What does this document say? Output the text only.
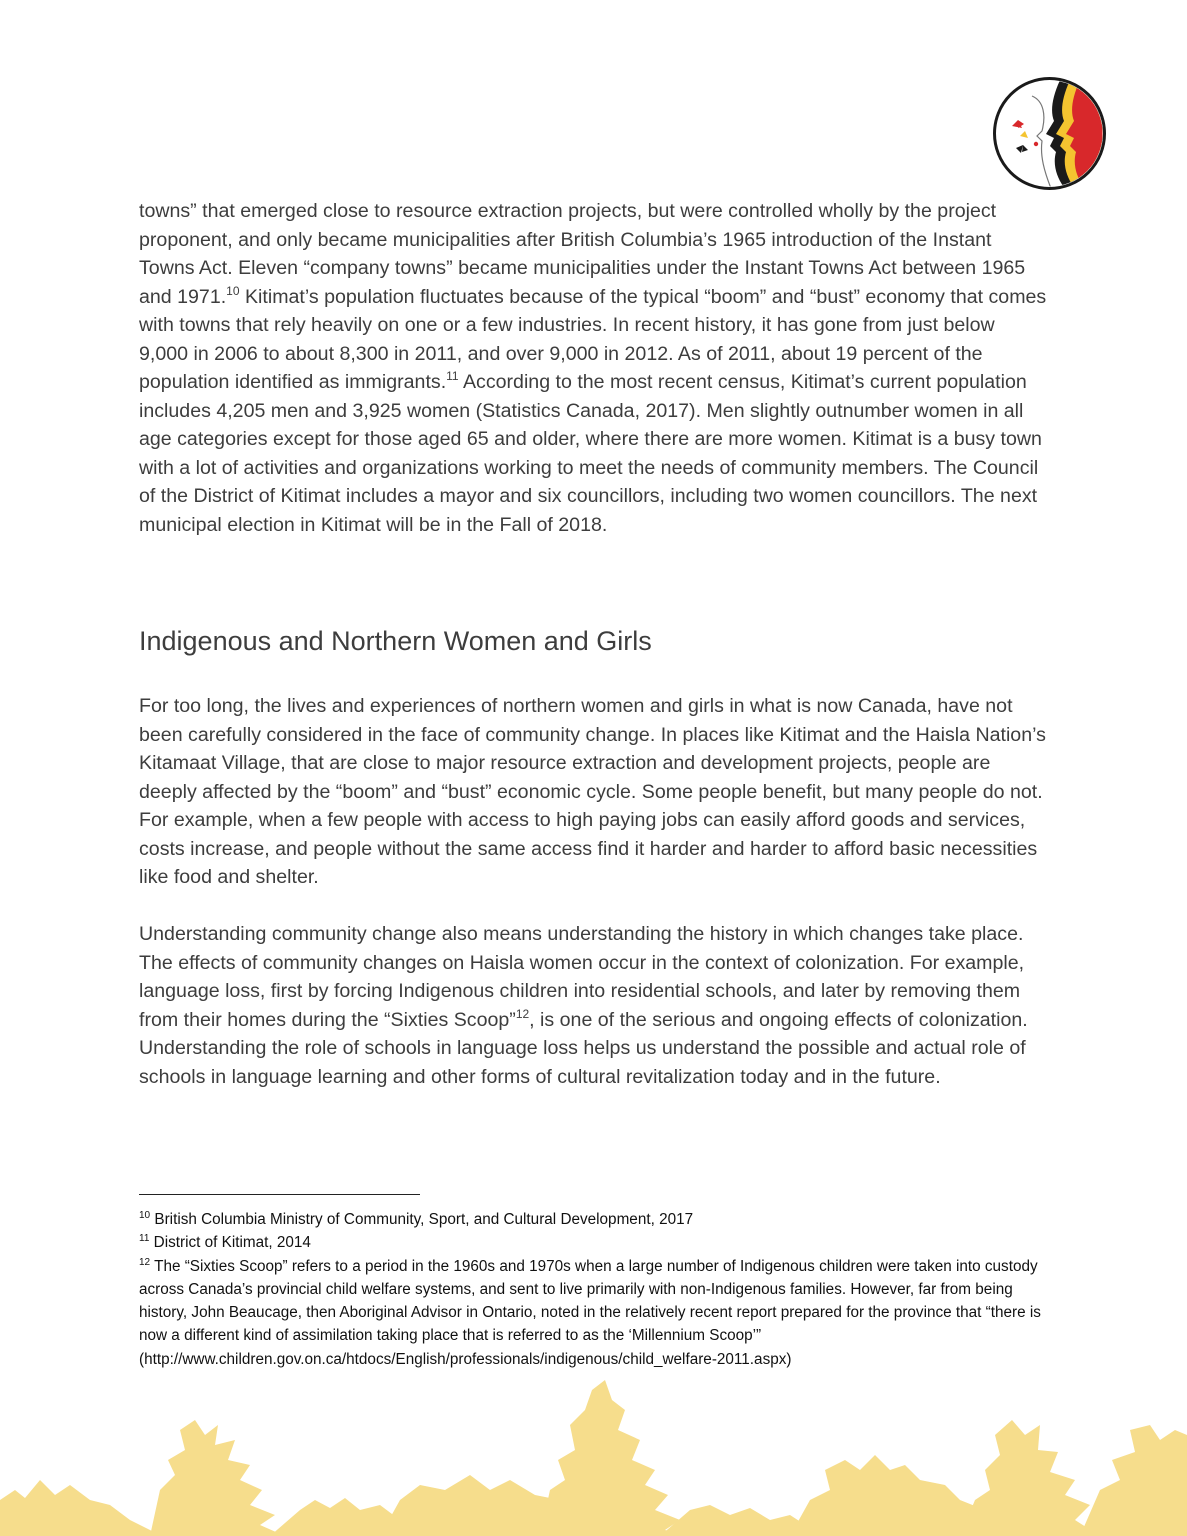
towns” that emerged close to resource extraction projects, but were controlled wholly by the project proponent, and only became municipalities after British Columbia’s 1965 introduction of the Instant Towns Act. Eleven “company towns” became municipalities under the Instant Towns Act between 1965 and 1971.10 Kitimat’s population fluctuates because of the typical “boom” and “bust” economy that comes with towns that rely heavily on one or a few industries. In recent history, it has gone from just below 9,000 in 2006 to about 8,300 in 2011, and over 9,000 in 2012. As of 2011, about 19 percent of the population identified as immigrants.$^{11}$ According to the most recent census, Kitimat’s current population includes 4,205 men and 3,925 women (Statistics Canada, 2017). Men slightly outnumber women in all age categories except for those aged 65 and older, where there are more women. Kitimat is a busy town with a lot of activities and organizations working to meet the needs of community members. The Council of the District of Kitimat includes a mayor and six councillors, including two women councillors. The next municipal election in Kitimat will be in the Fall of 2018.

Indigenous and Northern Women and Girls

For too long, the lives and experiences of northern women and girls in what is now Canada, have not been carefully considered in the face of community change. In places like Kitimat and the Haisla Nation’s Kitamaat Village, that are close to major resource extraction and development projects, people are deeply affected by the “boom” and “bust” economic cycle. Some people benefit, but many people do not. For example, when a few people with access to high paying jobs can easily afford goods and services, costs increase, and people without the same access find it harder and harder to afford basic necessities like food and shelter.

Understanding community change also means understanding the history in which changes take place. The effects of community changes on Haisla women occur in the context of colonization. For example, language loss, first by forcing Indigenous children into residential schools, and later by removing them from their homes during the “Sixties Scoop”$^{12}$, is one of the serious and ongoing effects of colonization. Understanding the role of schools in language loss helps us understand the possible and actual role of schools in language learning and other forms of cultural revitalization today and in the future.

$^{10}$ British Columbia Ministry of Community, Sport, and Cultural Development, 2017

$^{11}$ District of Kitimat, 2014

$^{12}$ The “Sixties Scoop” refers to a period in the 1960s and 1970s when a large number of Indigenous children were taken into custody across Canada’s provincial child welfare systems, and sent to live primarily with non-Indigenous families. However, far from being history, John Beaucage, then Aboriginal Advisor in Ontario, noted in the relatively recent report prepared for the province that “there is now a different kind of assimilation taking place that is referred to as the ‘Millennium Scoop’”

(http://www.children.gov.on.ca/htdocs/English/professionals/indigenous/child_welfare-2011.aspx)
